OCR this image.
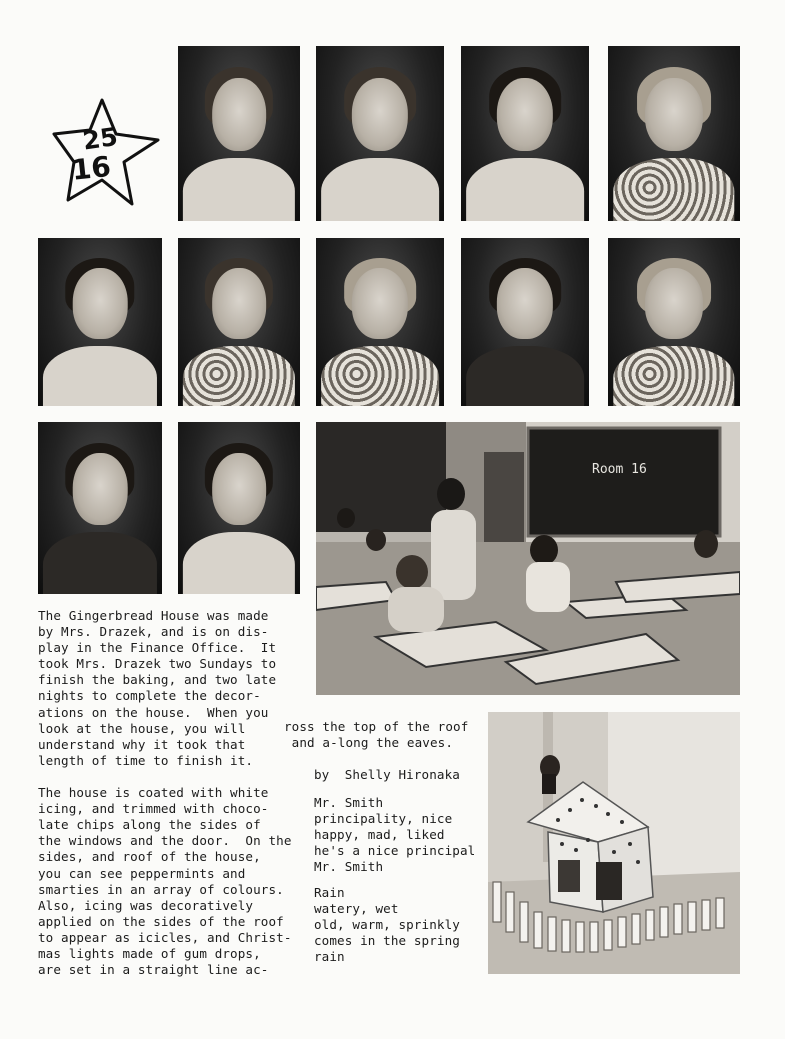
25
16
Room 16
The Gingerbread House was made
by Mrs. Drazek, and is on dis-
play in the Finance Office.  It
took Mrs. Drazek two Sundays to
finish the baking, and two late
nights to complete the decor-
ations on the house.  When you
look at the house, you will
understand why it took that
length of time to finish it.

The house is coated with white
icing, and trimmed with choco-
late chips along the sides of
the windows and the door.  On the
sides, and roof of the house,
you can see peppermints and
smarties in an array of colours.
Also, icing was decoratively
applied on the sides of the roof
to appear as icicles, and Christ-
mas lights made of gum drops,
are set in a straight line ac-
ross the top of the roof
and a-long the eaves.
by  Shelly Hironaka
Mr. Smith
principality, nice
happy, mad, liked
he's a nice principal
Mr. Smith
Rain
watery, wet
old, warm, sprinkly
comes in the spring
rain
